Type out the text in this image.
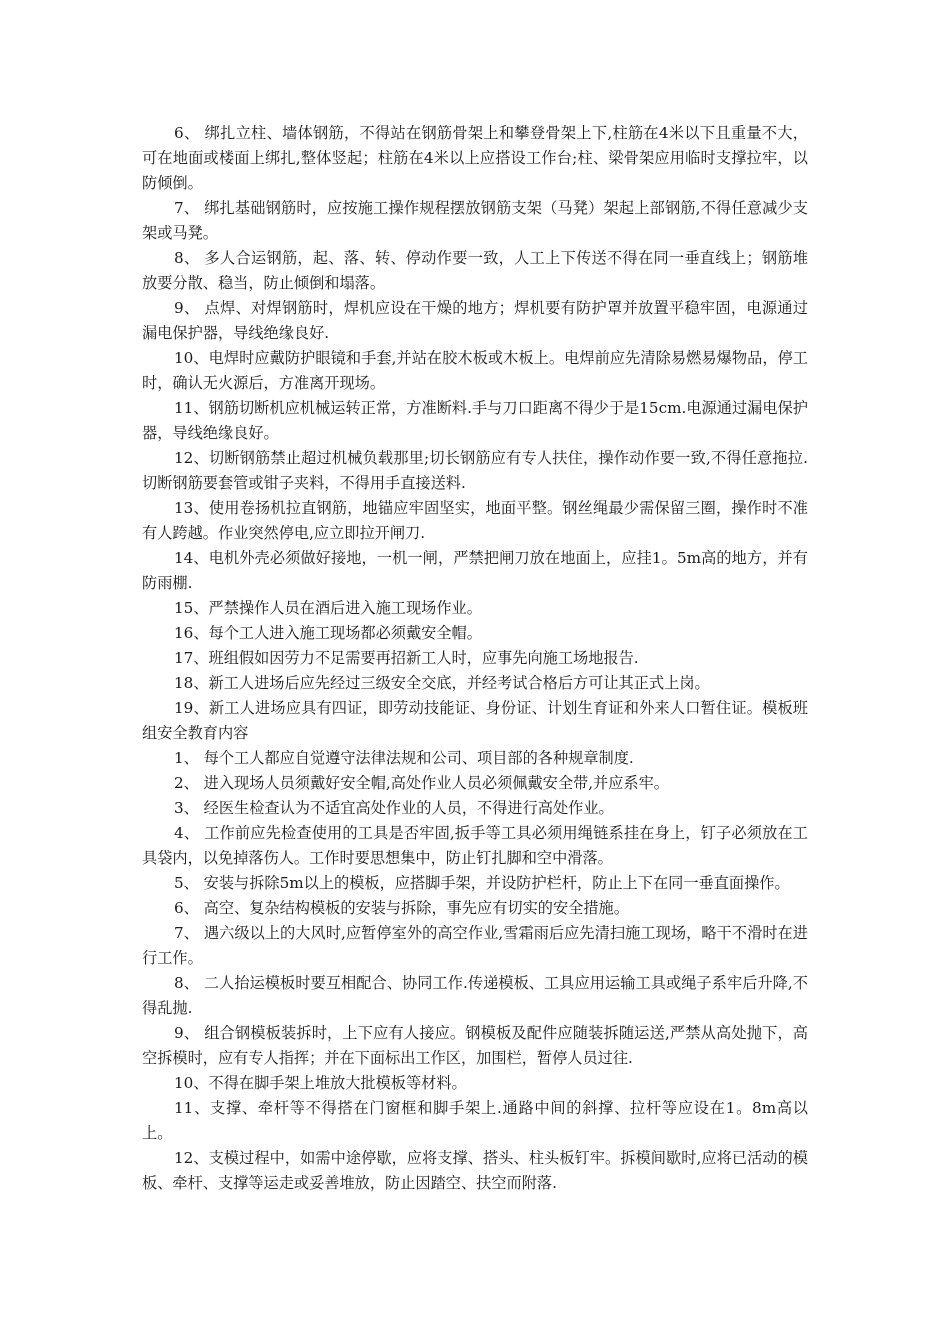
6、 绑扎立柱、墙体钢筋，不得站在钢筋骨架上和攀登骨架上下,柱筋在4米以下且重量不大，可在地面或楼面上绑扎,整体竖起；柱筋在4米以上应搭设工作台;柱、梁骨架应用临时支撑拉牢，以防倾倒。

7、 绑扎基础钢筋时，应按施工操作规程摆放钢筋支架（马凳）架起上部钢筋,不得任意减少支架或马凳。

8、 多人合运钢筋，起、落、转、停动作要一致，人工上下传送不得在同一垂直线上；钢筋堆放要分散、稳当，防止倾倒和塌落。

9、 点焊、对焊钢筋时，焊机应设在干燥的地方；焊机要有防护罩并放置平稳牢固，电源通过漏电保护器，导线绝缘良好.

10、电焊时应戴防护眼镜和手套,并站在胶木板或木板上。电焊前应先清除易燃易爆物品，停工时，确认无火源后，方准离开现场。

11、钢筋切断机应机械运转正常，方准断料.手与刀口距离不得少于是15cm.电源通过漏电保护器，导线绝缘良好。

12、切断钢筋禁止超过机械负载那里;切长钢筋应有专人扶住，操作动作要一致,不得任意拖拉.切断钢筋要套管或钳子夹料，不得用手直接送料.

13、使用卷扬机拉直钢筋，地锚应牢固坚实，地面平整。钢丝绳最少需保留三圈，操作时不准有人跨越。作业突然停电,应立即拉开闸刀.

14、电机外壳必须做好接地，一机一闸，严禁把闸刀放在地面上，应挂1。5m高的地方，并有防雨棚.

15、严禁操作人员在酒后进入施工现场作业。

16、每个工人进入施工现场都必须戴安全帽。

17、班组假如因劳力不足需要再招新工人时，应事先向施工场地报告.

18、新工人进场后应先经过三级安全交底，并经考试合格后方可让其正式上岗。

19、新工人进场应具有四证，即劳动技能证、身份证、计划生育证和外来人口暂住证。模板班组安全教育内容

1、 每个工人都应自觉遵守法律法规和公司、项目部的各种规章制度.

2、 进入现场人员须戴好安全帽,高处作业人员必须佩戴安全带,并应系牢。

3、 经医生检查认为不适宜高处作业的人员，不得进行高处作业。

4、 工作前应先检查使用的工具是否牢固,扳手等工具必须用绳链系挂在身上，钉子必须放在工具袋内，以免掉落伤人。工作时要思想集中，防止钉扎脚和空中滑落。

5、 安装与拆除5m以上的模板，应搭脚手架，并设防护栏杆，防止上下在同一垂直面操作。

6、 高空、复杂结构模板的安装与拆除，事先应有切实的安全措施。

7、 遇六级以上的大风时,应暂停室外的高空作业,雪霜雨后应先清扫施工现场，略干不滑时在进行工作。

8、 二人抬运模板时要互相配合、协同工作.传递模板、工具应用运输工具或绳子系牢后升降,不得乱抛.

9、 组合钢模板装拆时，上下应有人接应。钢模板及配件应随装拆随运送,严禁从高处抛下，高空拆模时，应有专人指挥；并在下面标出工作区，加围栏，暂停人员过往.

10、不得在脚手架上堆放大批模板等材料。

11、支撑、牵杆等不得搭在门窗框和脚手架上.通路中间的斜撑、拉杆等应设在1。8m高以上。

12、支模过程中，如需中途停歇，应将支撑、搭头、柱头板钉牢。拆模间歇时,应将已活动的模板、牵杆、支撑等运走或妥善堆放，防止因踏空、扶空而附落.
